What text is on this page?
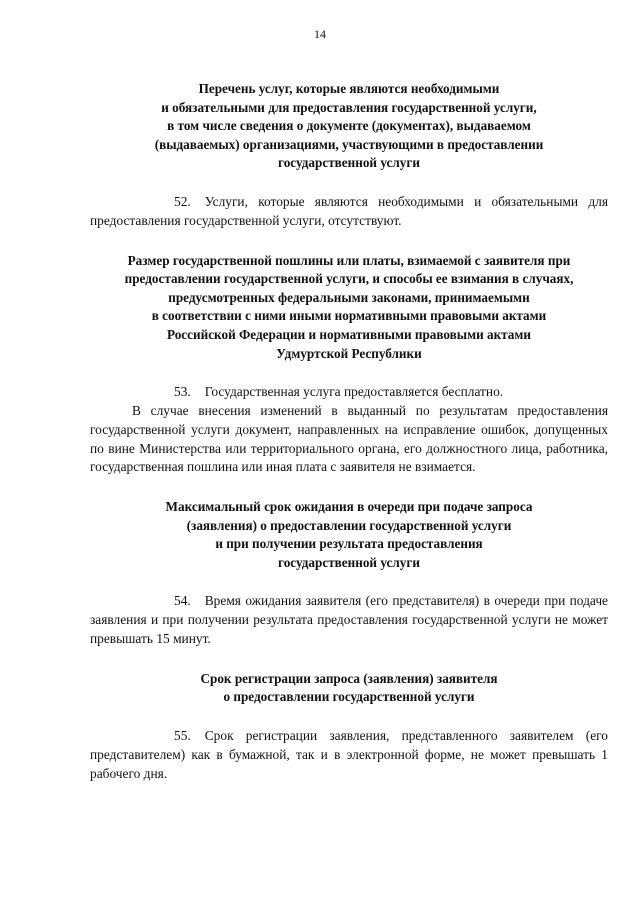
14
Перечень услуг, которые являются необходимыми
и обязательными для предоставления государственной услуги,
в том числе сведения о документе (документах), выдаваемом
(выдаваемых) организациями, участвующими в предоставлении
государственной услуги

52. Услуги, которые являются необходимыми и обязательными для предоставления государственной услуги, отсутствуют.

Размер государственной пошлины или платы, взимаемой с заявителя при
предоставлении государственной услуги, и способы ее взимания в случаях,
предусмотренных федеральными законами, принимаемыми
в соответствии с ними иными нормативными правовыми актами
Российской Федерации и нормативными правовыми актами
Удмуртской Республики

53. Государственная услуга предоставляется бесплатно.

В случае внесения изменений в выданный по результатам предоставления государственной услуги документ, направленных на исправление ошибок, допущенных по вине Министерства или территориального органа, его должностного лица, работника, государственная пошлина или иная плата с заявителя не взимается.

Максимальный срок ожидания в очереди при подаче запроса
(заявления) о предоставлении государственной услуги
и при получении результата предоставления
государственной услуги

54. Время ожидания заявителя (его представителя) в очереди при подаче заявления и при получении результата предоставления государственной услуги не может превышать 15 минут.

Срок регистрации запроса (заявления) заявителя
о предоставлении государственной услуги

55. Срок регистрации заявления, представленного заявителем (его представителем) как в бумажной, так и в электронной форме, не может превышать 1 рабочего дня.
